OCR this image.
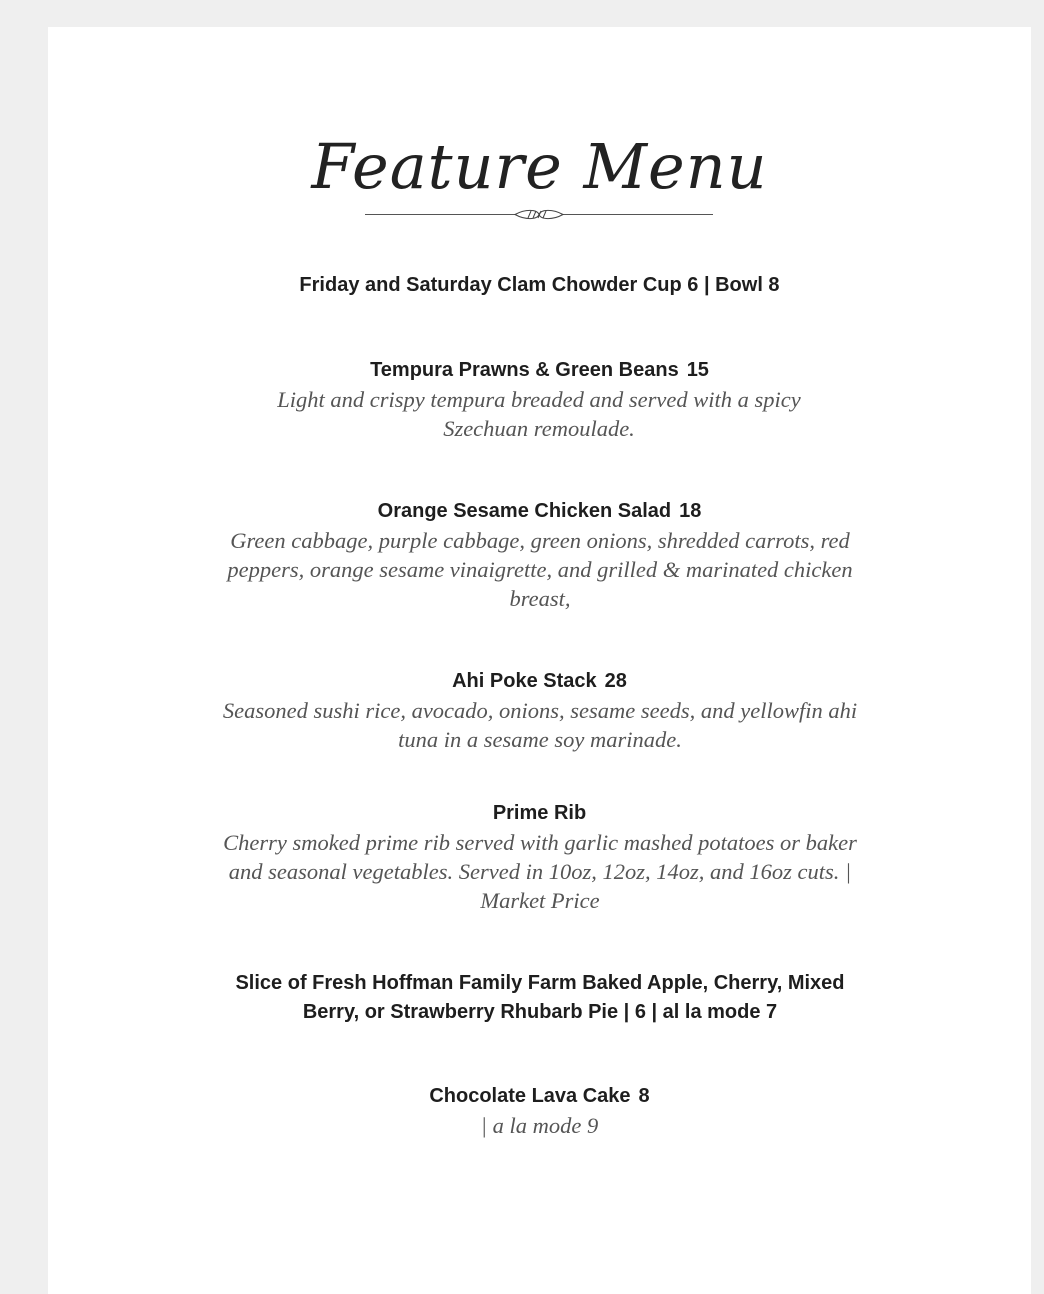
Feature Menu
Friday and Saturday Clam Chowder Cup 6 | Bowl 8
Tempura Prawns & Green Beans 15
Light and crispy tempura breaded and served with a spicy Szechuan remoulade.
Orange Sesame Chicken Salad 18
Green cabbage, purple cabbage, green onions, shredded carrots, red peppers, orange sesame vinaigrette, and grilled & marinated chicken breast,
Ahi Poke Stack 28
Seasoned sushi rice, avocado, onions, sesame seeds, and yellowfin ahi tuna in a sesame soy marinade.
Prime Rib
Cherry smoked prime rib served with garlic mashed potatoes or baker and seasonal vegetables. Served in 10oz, 12oz, 14oz, and 16oz cuts. | Market Price
Slice of Fresh Hoffman Family Farm Baked Apple, Cherry, Mixed Berry, or Strawberry Rhubarb Pie | 6 | al la mode 7
Chocolate Lava Cake 8
| a la mode 9
